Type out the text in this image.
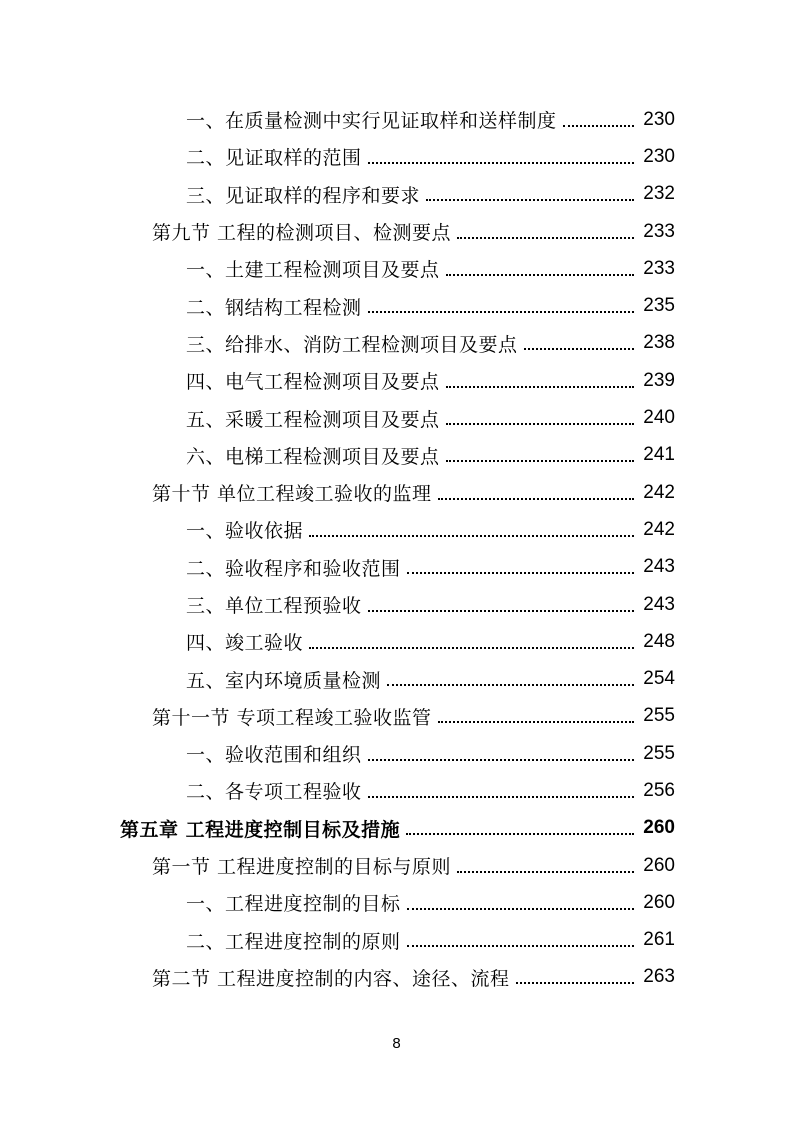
一、在质量检测中实行见证取样和送样制度	230
二、见证取样的范围	230
三、见证取样的程序和要求	232
第九节 工程的检测项目、检测要点	233
一、土建工程检测项目及要点	233
二、钢结构工程检测	235
三、给排水、消防工程检测项目及要点	238
四、电气工程检测项目及要点	239
五、采暖工程检测项目及要点	240
六、电梯工程检测项目及要点	241
第十节 单位工程竣工验收的监理	242
一、验收依据	242
二、验收程序和验收范围	243
三、单位工程预验收	243
四、竣工验收	248
五、室内环境质量检测	254
第十一节 专项工程竣工验收监管	255
一、验收范围和组织	255
二、各专项工程验收	256
第五章 工程进度控制目标及措施	260
第一节 工程进度控制的目标与原则	260
一、工程进度控制的目标	260
二、工程进度控制的原则	261
第二节 工程进度控制的内容、途径、流程	263
8
